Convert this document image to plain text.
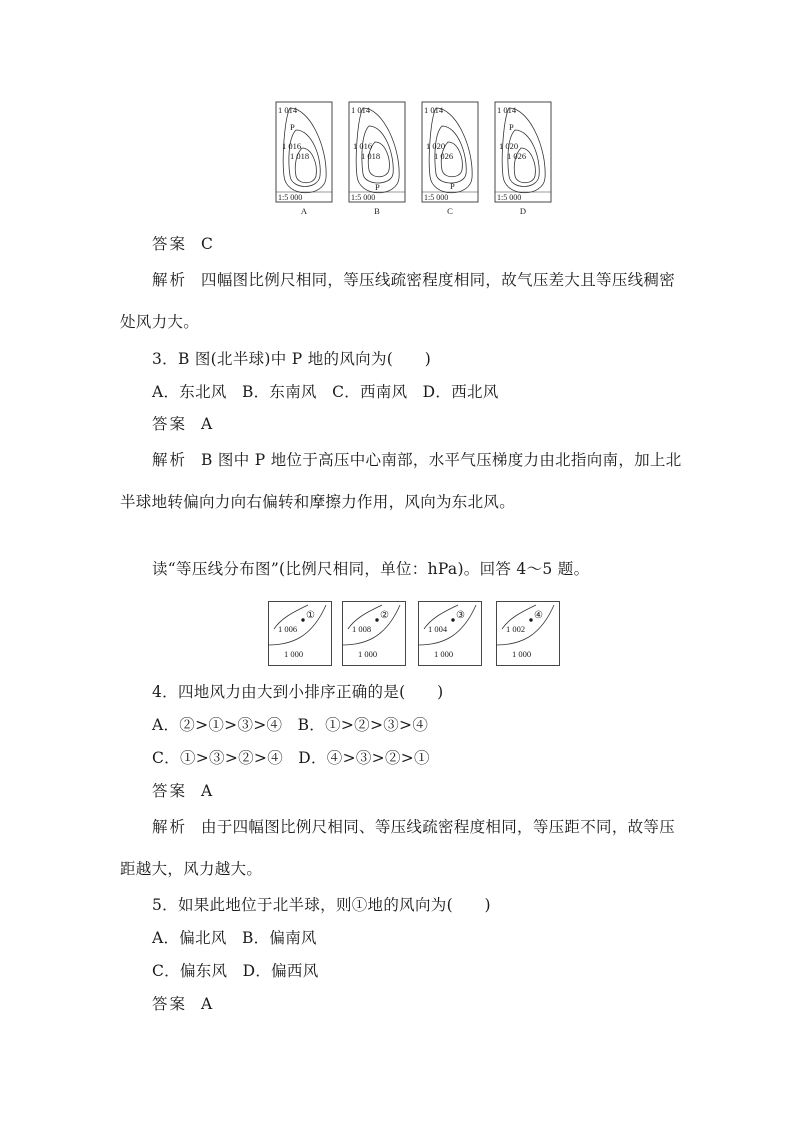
1 014
P
1 016
1 018
1:5 000
A
1 014
1 016
1 018
P
1:5 000
B
1 014
1 020
1 026
P
1:5 000
C
1 014
P
1 020
1 026
1:5 000
D
答案 C
解析 四幅图比例尺相同，等压线疏密程度相同，故气压差大且等压线稠密
处风力大。
3．B 图(北半球)中 P 地的风向为(　　)
A．东北风 B．东南风 C．西南风 D．西北风
答案 A
解析 B 图中 P 地位于高压中心南部，水平气压梯度力由北指向南，加上北
半球地转偏向力向右偏转和摩擦力作用，风向为东北风。
读“等压线分布图”(比例尺相同，单位：hPa)。回答 4～5 题。
①
1 006
1 000
②
1 008
1 000
③
1 004
1 000
④
1 002
1 000
4．四地风力由大到小排序正确的是(　　)
A．②>①>③>④ B．①>②>③>④
C．①>③>②>④ D．④>③>②>①
答案 A
解析 由于四幅图比例尺相同、等压线疏密程度相同，等压距不同，故等压
距越大，风力越大。
5．如果此地位于北半球，则①地的风向为(　　)
A．偏北风 B．偏南风
C．偏东风 D．偏西风
答案 A
